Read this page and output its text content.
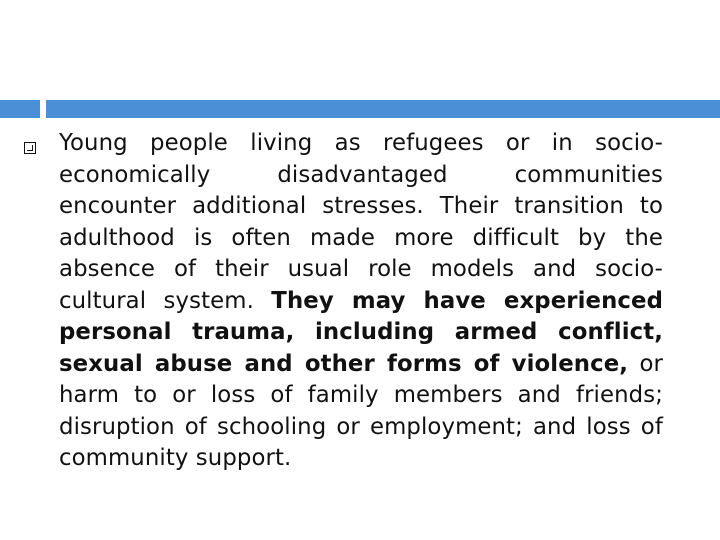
Young people living as refugees or in socio-economically disadvantaged communities encounter additional stresses. Their transition to adulthood is often made more difficult by the absence of their usual role models and socio-cultural system. They may have experienced personal trauma, including armed conflict, sexual abuse and other forms of violence, or harm to or loss of family members and friends; disruption of schooling or employment; and loss of community support.
